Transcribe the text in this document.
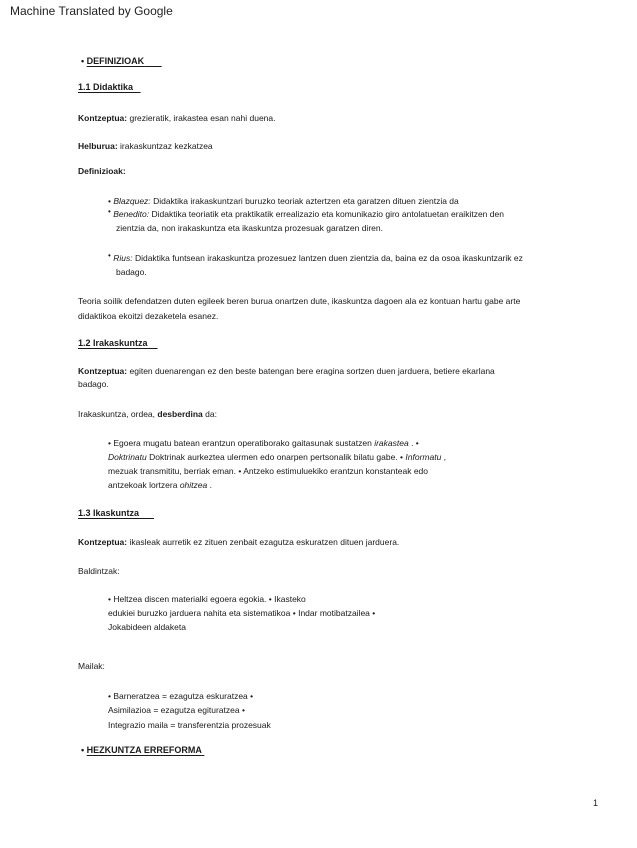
Machine Translated by Google
• DEFINIZIOAK
1.1 Didaktika
Kontzeptua: grezieratik, irakastea esan nahi duena.
Helburua: irakaskuntzaz kezkatzea
Definizioak:
• Blazquez: Didaktika irakaskuntzari buruzko teoriak aztertzen eta garatzen dituen zientzia da
• Benedito: Didaktika teoriatik eta praktikatik errealizazio eta komunikazio giro antolatuetan eraikitzen den
zientzia da, non irakaskuntza eta ikaskuntza prozesuak garatzen diren.
• Rius: Didaktika funtsean irakaskuntza prozesuez lantzen duen zientzia da, baina ez da osoa ikaskuntzarik ez
badago.
Teoria soilik defendatzen duten egileek beren burua onartzen dute, ikaskuntza dagoen ala ez kontuan hartu gabe arte
didaktikoa ekoitzi dezaketela esanez.
1.2 Irakaskuntza
Kontzeptua: egiten duenarengan ez den beste batengan bere eragina sortzen duen jarduera, betiere ekarlana
badago.
Irakaskuntza, ordea, desberdina da:
• Egoera mugatu batean erantzun operatiborako gaitasunak sustatzen irakastea . •
Doktrinatu Doktrinak aurkeztea ulermen edo onarpen pertsonalik bilatu gabe. • Informatu ,
mezuak transmititu, berriak eman. • Antzeko estimuluekiko erantzun konstanteak edo
antzekoak lortzera ohitzea .
1.3 Ikaskuntza
Kontzeptua: ikasleak aurretik ez zituen zenbait ezagutza eskuratzen dituen jarduera.
Baldintzak:
• Heltzea discen materialki egoera egokia. • Ikasteko
edukiei buruzko jarduera nahita eta sistematikoa • Indar motibatzailea •
Jokabideen aldaketa
Mailak:
• Barneratzea = ezagutza eskuratzea •
Asimilazioa = ezagutza egituratzea •
Integrazio maila = transferentzia prozesuak
• HEZKUNTZA ERREFORMA
1
